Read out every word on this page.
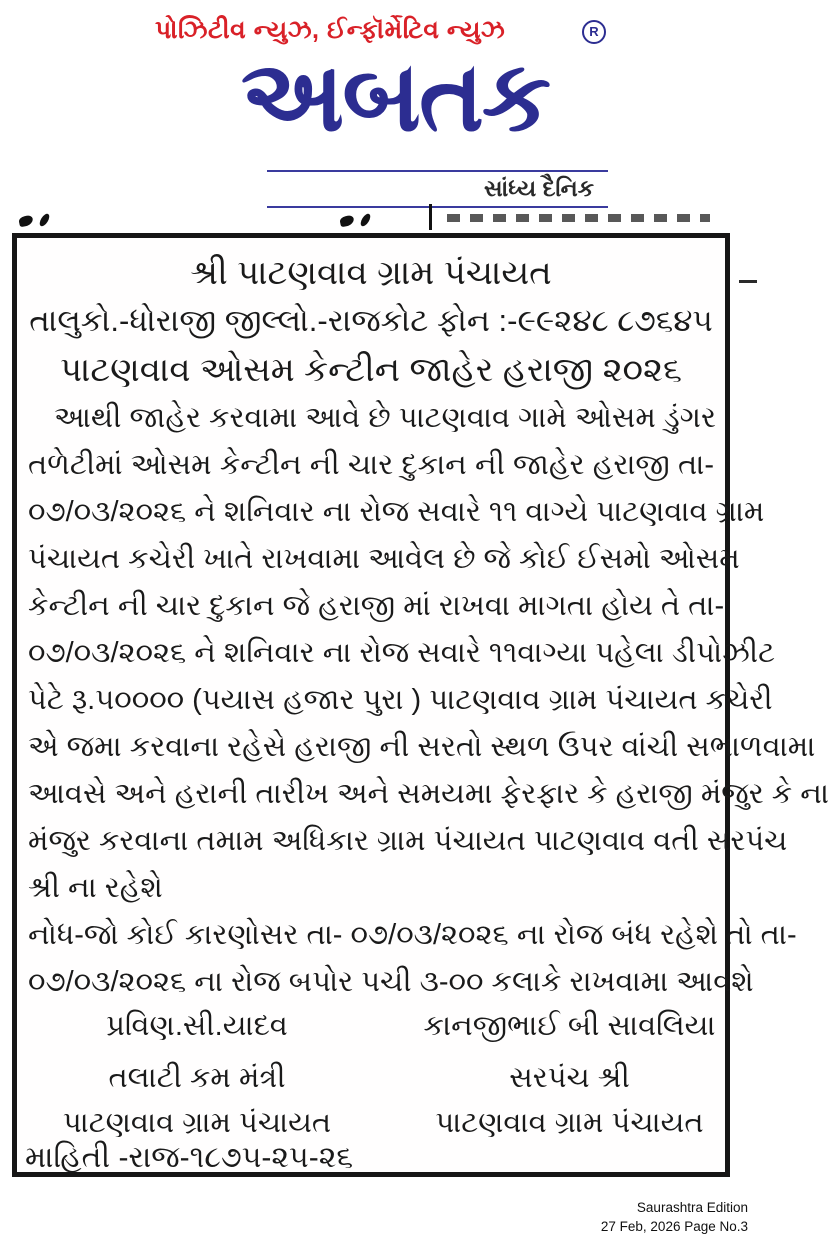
પોઝિટીવ ન્યુઝ, ઈન્ફૉર્મેટિવ ન્યુઝ	R
અબતક
સાંધ્ય દૈનિક
શ્રી પાટણવાવ ગ્રામ પંચાયત
તાલુકો.-ધોરાજી જીલ્લો.-રાજકોટ ફોન :-૯૯૨૪૮ ૮૭૬૪૫
પાટણવાવ ઓસમ કેન્ટીન જાહેર હરાજી ૨૦૨૬
આથી જાહેર કરવામા આવે છે પાટણવાવ ગામે ઓસમ ડુંગર
તળેટીમાં ઓસમ કેન્ટીન ની ચાર દુકાન ની જાહેર હરાજી તા-
૦૭/૦૩/૨૦૨૬ ને શનિવાર ના રોજ સવારે ૧૧ વાગ્યે પાટણવાવ ગ્રામ
પંચાયત કચેરી ખાતે રાખવામા આવેલ છે જે કોઈ ઈસમો ઓસમ
કેન્ટીન ની ચાર દુકાન જે હરાજી માં રાખવા માગતા હોય તે તા-
૦૭/૦૩/૨૦૨૬ ને શનિવાર ના રોજ સવારે ૧૧વાગ્યા પહેલા ડીપોઝીટ
પેટે રૂ.૫૦૦૦૦ (પયાસ હજાર પુરા ) પાટણવાવ ગ્રામ પંચાયત કચેરી
એ જમા કરવાના રહેસે હરાજી ની સરતો સ્થળ ઉપર વાંચી સભાળવામા
આવસે અને હરાની તારીખ અને સમયમા ફેરફાર કે હરાજી મંજુર કે ના
મંજુર કરવાના તમામ અધિકાર ગ્રામ પંચાયત પાટણવાવ વતી સરપંચ
શ્રી ના રહેશે
નોધ-જો કોઈ કારણોસર તા- ૦૭/૦૩/૨૦૨૬ ના રોજ બંધ રહેશે તો તા-
૦૭/૦૩/૨૦૨૬ ના રોજ બપોર પચી ૩-૦૦ કલાકે રાખવામા આવશે
પ્રવિણ.સી.યાદવ	કાનજીભાઈ બી સાવલિયા
તલાટી કમ મંત્રી	સરપંચ શ્રી
પાટણવાવ ગ્રામ પંચાયત	પાટણવાવ ગ્રામ પંચાયત
માહિતી -રાજ-૧૮૭૫-૨૫-૨૬
Saurashtra Edition
27 Feb, 2026 Page No.3
